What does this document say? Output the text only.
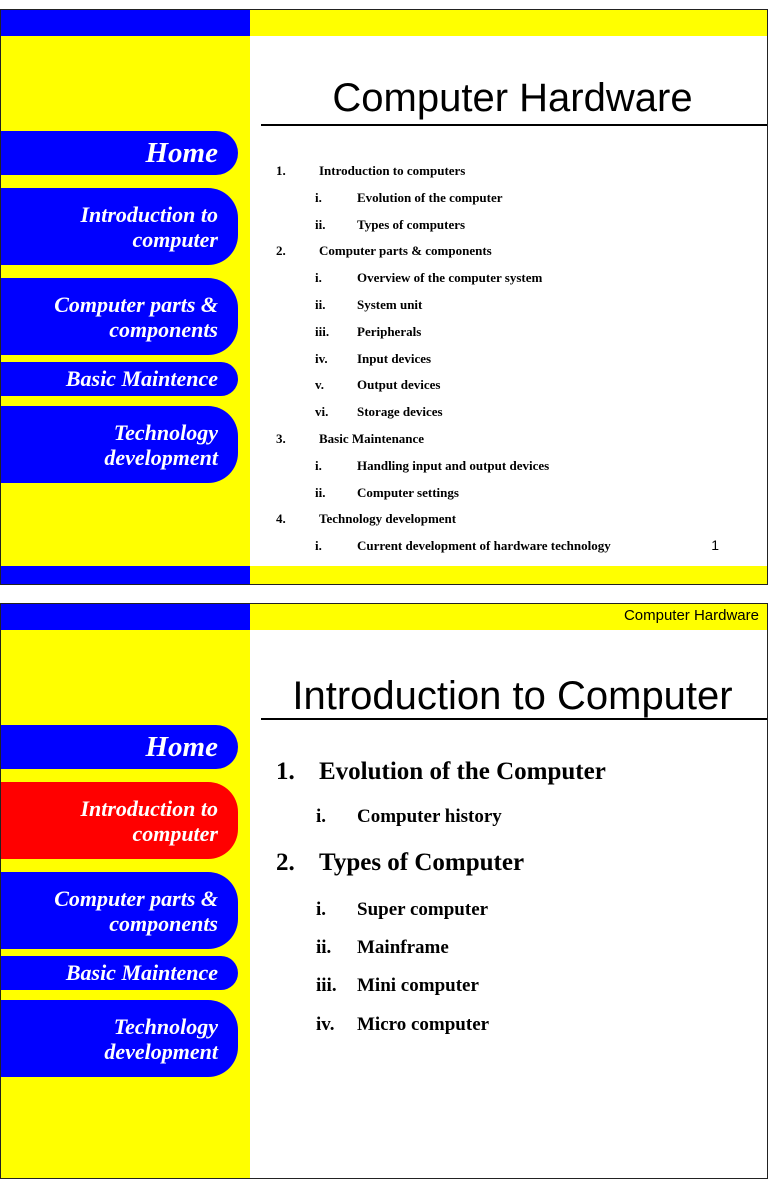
Home
Introduction to
computer
Computer parts &
components
Basic Maintence
Technology
development
Computer Hardware
1.	Introduction to computers
i.	Evolution of the computer
ii. Types of computers
2.	Computer parts & components
i.	Overview of the computer system
ii. System unit
iii. Peripherals
iv. Input devices
v.	Output devices
vi. Storage devices
3.	Basic Maintenance
i.	Handling input and output devices
ii. Computer settings
4.	Technology development
i.	Current development of hardware technology	1
Computer Hardware
Home
Introduction to
computer
Computer parts &
components
Basic Maintence
Technology
development
Introduction to Computer
1. Evolution of the Computer
i. Computer history
2. Types of Computer
i. Super computer
ii. Mainframe
iii. Mini computer
iv. Micro computer
